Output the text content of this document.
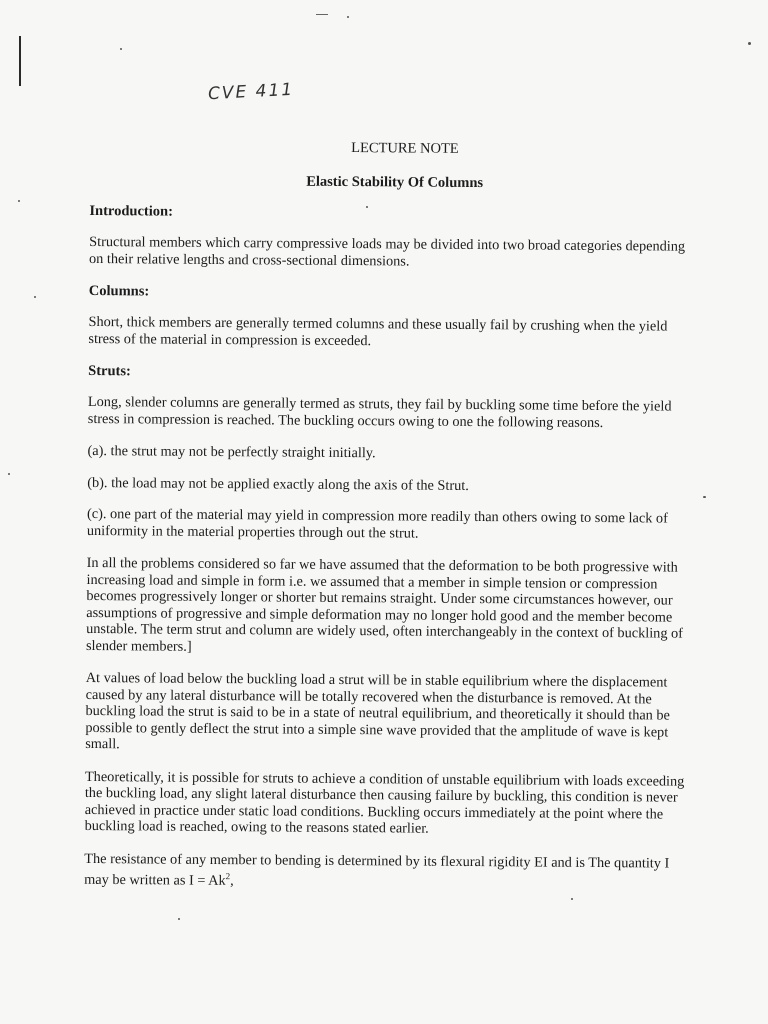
CVE 411
LECTURE NOTE
Elastic Stability Of Columns
Introduction:
Structural members which carry compressive loads may be divided into two broad categories depending on their relative lengths and cross-sectional dimensions.
Columns:
Short, thick members are generally termed columns and these usually fail by crushing when the yield stress of the material in compression is exceeded.
Struts:
Long, slender columns are generally termed as struts, they fail by buckling some time before the yield stress in compression is reached. The buckling occurs owing to one the following reasons.
(a). the strut may not be perfectly straight initially.
(b). the load may not be applied exactly along the axis of the Strut.
(c). one part of the material may yield in compression more readily than others owing to some lack of uniformity in the material properties through out the strut.
In all the problems considered so far we have assumed that the deformation to be both progressive with increasing load and simple in form i.e. we assumed that a member in simple tension or compression becomes progressively longer or shorter but remains straight. Under some circumstances however, our assumptions of progressive and simple deformation may no longer hold good and the member become unstable. The term strut and column are widely used, often interchangeably in the context of buckling of slender members.]
At values of load below the buckling load a strut will be in stable equilibrium where the displacement caused by any lateral disturbance will be totally recovered when the disturbance is removed. At the buckling load the strut is said to be in a state of neutral equilibrium, and theoretically it should than be possible to gently deflect the strut into a simple sine wave provided that the amplitude of wave is kept small.
Theoretically, it is possible for struts to achieve a condition of unstable equilibrium with loads exceeding the buckling load, any slight lateral disturbance then causing failure by buckling, this condition is never achieved in practice under static load conditions. Buckling occurs immediately at the point where the buckling load is reached, owing to the reasons stated earlier.
The resistance of any member to bending is determined by its flexural rigidity EI and is The quantity I may be written as $I = Ak^2$,
